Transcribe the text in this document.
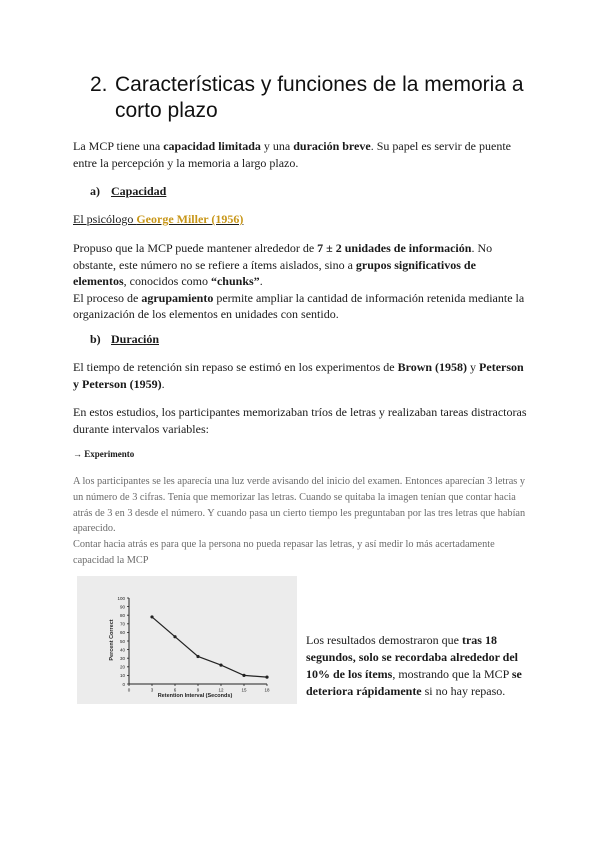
2. Características y funciones de la memoria a corto plazo

La MCP tiene una capacidad limitada y una duración breve. Su papel es servir de puente entre la percepción y la memoria a largo plazo.

a) Capacidad
El psicólogo George Miller (1956)

Propuso que la MCP puede mantener alrededor de 7 ± 2 unidades de información. No obstante, este número no se refiere a ítems aislados, sino a grupos significativos de elementos, conocidos como “chunks”.
El proceso de agrupamiento permite ampliar la cantidad de información retenida mediante la organización de los elementos en unidades con sentido.

b) Duración

El tiempo de retención sin repaso se estimó en los experimentos de Brown (1958) y Peterson y Peterson (1959).

En estos estudios, los participantes memorizaban tríos de letras y realizaban tareas distractoras durante intervalos variables:

→ Experimento
A los participantes se les aparecía una luz verde avisando del inicio del examen. Entonces aparecían 3 letras y un número de 3 cifras. Tenía que memorizar las letras. Cuando se quitaba la imagen tenían que contar hacia atrás de 3 en 3 desde el número. Y cuando pasa un cierto tiempo les preguntaban por las tres letras que habían aparecido.
Contar hacia atrás es para que la persona no pueda repasar las letras, y así medir lo más acertadamente capacidad la MCP
0
10
20
30
40
50
60
70
80
90
100
0	3	6	9	12	15	18
Percent Correct
Retention Interval (Seconds)

Los resultados demostraron que tras 18 segundos, solo se recordaba alrededor del 10% de los ítems, mostrando que la MCP se deteriora rápidamente si no hay repaso.
